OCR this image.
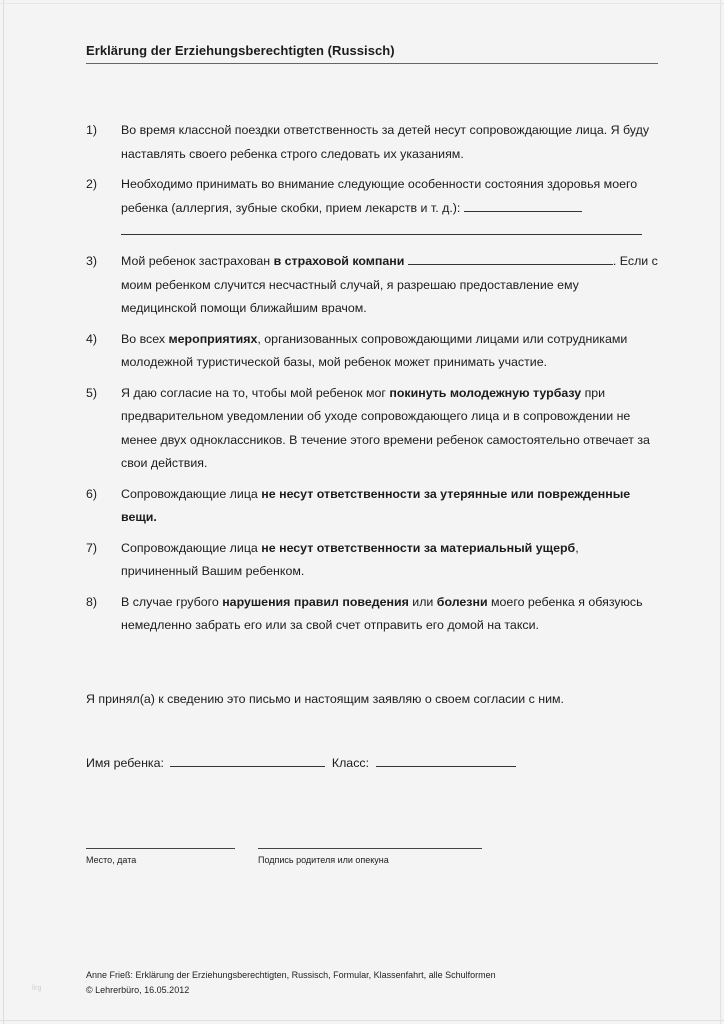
Erklärung der Erziehungsberechtigten (Russisch)
1)	Во время классной поездки ответственность за детей несут сопровождающие лица. Я буду наставлять своего ребенка строго следовать их указаниям.
2)	Необходимо принимать во внимание следующие особенности состояния здоровья моего ребенка (аллергия, зубные скобки, прием лекарств и т. д.):
3)	Мой ребенок застрахован в страховой компани	. Если с моим ребенком случится несчастный случай, я разрешаю предоставление ему медицинской помощи ближайшим врачом.
4)	Во всех мероприятиях, организованных сопровождающими лицами или сотрудниками молодежной туристической базы, мой ребенок может принимать участие.
5)	Я даю согласие на то, чтобы мой ребенок мог покинуть молодежную турбазу при предварительном уведомлении об уходе сопровождающего лица и в сопровождении не менее двух одноклассников. В течение этого времени ребенок самостоятельно отвечает за свои действия.
6)	Сопровождающие лица не несут ответственности за утерянные или поврежденные вещи.
7)	Сопровождающие лица не несут ответственности за материальный ущерб, причиненный Вашим ребенком.
8)	В случае грубого нарушения правил поведения или болезни моего ребенка я обязуюсь немедленно забрать его или за свой счет отправить его домой на такси.
Я принял(а) к сведению это письмо и настоящим заявляю о своем согласии с ним.
Имя ребенка:	Класс:
Место, дата	Подпись родителя или опекуна
lirg
Anne Frieß: Erklärung der Erziehungsberechtigten, Russisch, Formular, Klassenfahrt, alle Schulformen
© Lehrerbüro, 16.05.2012
